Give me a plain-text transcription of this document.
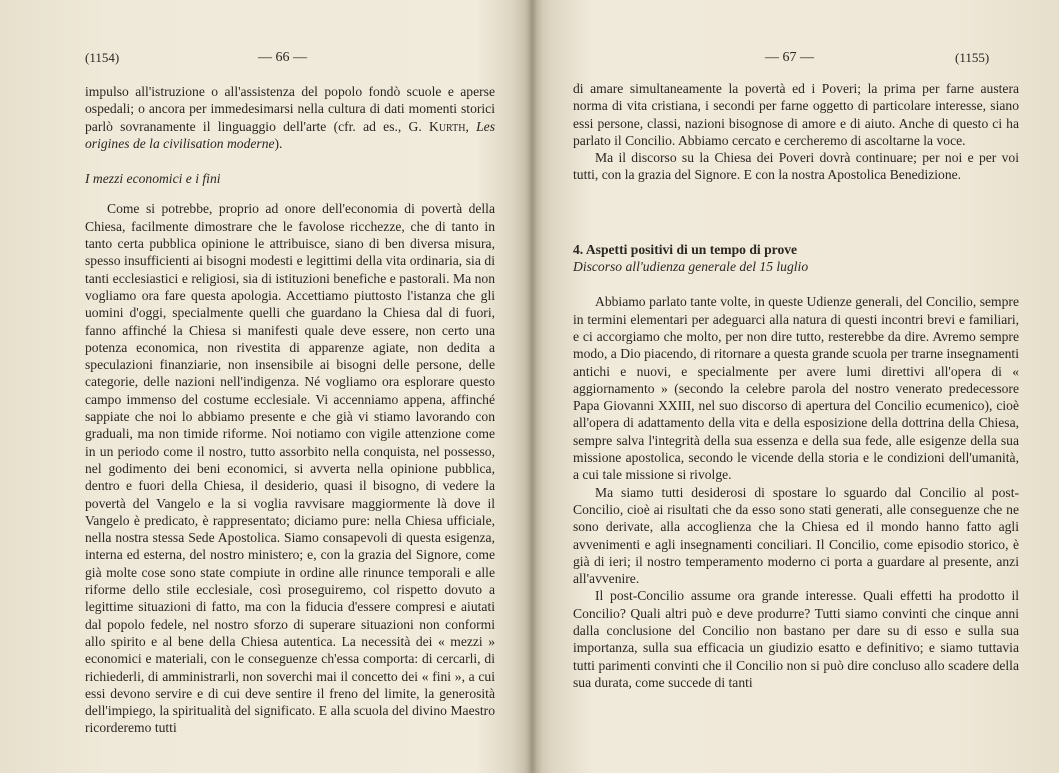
(1154)	— 66 —

impulso all'istruzione o all'assistenza del popolo fondò scuole e aperse ospedali; o ancora per immedesimarsi nella cultura di dati momenti storici parlò sovranamente il linguaggio dell'arte (cfr. ad es., G. Kurth, Les origines de la civilisation moderne).

I mezzi economici e i fini

Come si potrebbe, proprio ad onore dell'economia di povertà della Chiesa, facilmente dimostrare che le favolose ricchezze, che di tanto in tanto certa pubblica opinione le attribuisce, siano di ben diversa misura, spesso insufficienti ai bisogni modesti e legittimi della vita ordinaria, sia di tanti ecclesiastici e religiosi, sia di istituzioni benefiche e pastorali. Ma non vogliamo ora fare questa apologia. Accettiamo piuttosto l'istanza che gli uomini d'oggi, specialmente quelli che guardano la Chiesa dal di fuori, fanno affinché la Chiesa si manifesti quale deve essere, non certo una potenza economica, non rivestita di apparenze agiate, non dedita a speculazioni finanziarie, non insensibile ai bisogni delle persone, delle categorie, delle nazioni nell'indigenza. Né vogliamo ora esplorare questo campo immenso del costume ecclesiale. Vi accenniamo appena, affinché sappiate che noi lo abbiamo presente e che già vi stiamo lavorando con graduali, ma non timide riforme. Noi notiamo con vigile attenzione come in un periodo come il nostro, tutto assorbito nella conquista, nel possesso, nel godimento dei beni economici, si avverta nella opinione pubblica, dentro e fuori della Chiesa, il desiderio, quasi il bisogno, di vedere la povertà del Vangelo e la si voglia ravvisare maggiormente là dove il Vangelo è predicato, è rappresentato; diciamo pure: nella Chiesa ufficiale, nella nostra stessa Sede Apostolica. Siamo consapevoli di questa esigenza, interna ed esterna, del nostro ministero; e, con la grazia del Signore, come già molte cose sono state compiute in ordine alle rinunce temporali e alle riforme dello stile ecclesiale, così proseguiremo, col rispetto dovuto a legittime situazioni di fatto, ma con la fiducia d'essere compresi e aiutati dal popolo fedele, nel nostro sforzo di superare situazioni non conformi allo spirito e al bene della Chiesa autentica. La necessità dei « mezzi » economici e materiali, con le conseguenze ch'essa comporta: di cercarli, di richiederli, di amministrarli, non soverchi mai il concetto dei « fini », a cui essi devono servire e di cui deve sentire il freno del limite, la generosità dell'impiego, la spiritualità del significato. E alla scuola del divino Maestro ricorderemo tutti

— 67 —	(1155)

di amare simultaneamente la povertà ed i Poveri; la prima per farne austera norma di vita cristiana, i secondi per farne oggetto di particolare interesse, siano essi persone, classi, nazioni bisognose di amore e di aiuto. Anche di questo ci ha parlato il Concilio. Abbiamo cercato e cercheremo di ascoltarne la voce.

Ma il discorso su la Chiesa dei Poveri dovrà continuare; per noi e per voi tutti, con la grazia del Signore. E con la nostra Apostolica Benedizione.

4. Aspetti positivi di un tempo di prove

Discorso all'udienza generale del 15 luglio

Abbiamo parlato tante volte, in queste Udienze generali, del Concilio, sempre in termini elementari per adeguarci alla natura di questi incontri brevi e familiari, e ci accorgiamo che molto, per non dire tutto, resterebbe da dire. Avremo sempre modo, a Dio piacendo, di ritornare a questa grande scuola per trarne insegnamenti antichi e nuovi, e specialmente per avere lumi direttivi all'opera di « aggiornamento » (secondo la celebre parola del nostro venerato predecessore Papa Giovanni XXIII, nel suo discorso di apertura del Concilio ecumenico), cioè all'opera di adattamento della vita e della esposizione della dottrina della Chiesa, sempre salva l'integrità della sua essenza e della sua fede, alle esigenze della sua missione apostolica, secondo le vicende della storia e le condizioni dell'umanità, a cui tale missione si rivolge.

Ma siamo tutti desiderosi di spostare lo sguardo dal Concilio al post-Concilio, cioè ai risultati che da esso sono stati generati, alle conseguenze che ne sono derivate, alla accoglienza che la Chiesa ed il mondo hanno fatto agli avvenimenti e agli insegnamenti conciliari. Il Concilio, come episodio storico, è già di ieri; il nostro temperamento moderno ci porta a guardare al presente, anzi all'avvenire.

Il post-Concilio assume ora grande interesse. Quali effetti ha prodotto il Concilio? Quali altri può e deve produrre? Tutti siamo convinti che cinque anni dalla conclusione del Concilio non bastano per dare su di esso e sulla sua importanza, sulla sua efficacia un giudizio esatto e definitivo; e siamo tuttavia tutti parimenti convinti che il Concilio non si può dire concluso allo scadere della sua durata, come succede di tanti
